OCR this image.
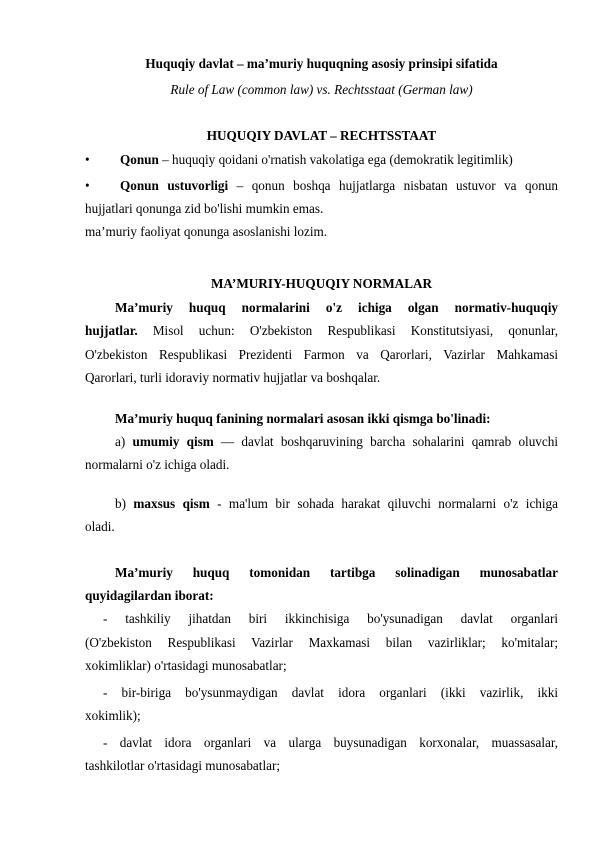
Huquqiy davlat – ma’muriy huquqning asosiy prinsipi sifatida
Rule of Law (common law) vs. Rechtsstaat (German law)
HUQUQIY DAVLAT – RECHTSSTAAT
• Qonun – huquqiy qoidani o'rnatish vakolatiga ega (demokratik legitimlik)
• Qonun ustuvorligi – qonun boshqa hujjatlarga nisbatan ustuvor va qonun
hujjatlari qonunga zid bo'lishi mumkin emas.
ma’muriy faoliyat qonunga asoslanishi lozim.
MA’MURIY-HUQUQIY NORMALAR
Ma’muriy huquq normalarini o'z ichiga olgan normativ-huquqiy
hujjatlar. Misol uchun: O'zbekiston Respublikasi Konstitutsiyasi, qonunlar,
O'zbekiston Respublikasi Prezidenti Farmon va Qarorlari, Vazirlar Mahkamasi
Qarorlari, turli idoraviy normativ hujjatlar va boshqalar.
Ma’muriy huquq fanining normalari asosan ikki qismga bo'linadi:
a) umumiy qism — davlat boshqaruvining barcha sohalarini qamrab oluvchi
normalarni o'z ichiga oladi.
b) maxsus qism - ma'lum bir sohada harakat qiluvchi normalarni o'z ichiga
oladi.
Ma’muriy huquq tomonidan tartibga solinadigan munosabatlar
quyidagilardan iborat:
- tashkiliy jihatdan biri ikkinchisiga bo'ysunadigan davlat organlari
(O'zbekiston Respublikasi Vazirlar Maxkamasi bilan vazirliklar; ko'mitalar;
xokimliklar) o'rtasidagi munosabatlar;
- bir-biriga bo'ysunmaydigan davlat idora organlari (ikki vazirlik, ikki
xokimlik);
- davlat idora organlari va ularga buysunadigan korxonalar, muassasalar,
tashkilotlar o'rtasidagi munosabatlar;
